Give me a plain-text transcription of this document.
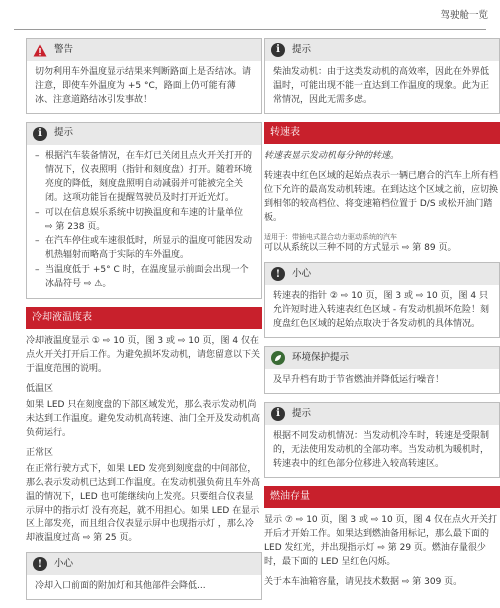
驾驶舱一览
警告

切勿利用车外温度显示结果来判断路面上是否结冰。请注意，即使车外温度为 +5 °C，路面上仍可能有薄冰、注意道路结冰引发事故！

i	提示
– 根据汽车装备情况，在车灯已关闭且点火开关打开的情况下，仪表照明（指针和刻度盘）打开。随着环境亮度的降低，刻度盘照明自动减弱并可能被完全关闭。这项功能旨在提醒驾驶员及时打开近光灯。
– 可以在信息娱乐系统中切换温度和车速的计量单位 ⇨ 第 238 页。
– 在汽车停住或车速很低时，所显示的温度可能因发动机热辐射而略高于实际的车外温度。
– 当温度低于 +5° C 时，在温度显示前面会出现一个冰晶符号 ⇨ ⚠。
冷却液温度表

冷却液温度显示 ① ⇨ 10 页，图 3 或 ⇨ 10 页，图 4 仅在点火开关打开后工作。为避免损坏发动机，请您留意以下关于温度范围的说明。

低温区

如果 LED 只在刻度盘的下部区域发光，那么表示发动机尚未达到工作温度。避免发动机高转速、油门全开及发动机高负荷运行。

正常区

在正常行驶方式下，如果 LED 发亮到刻度盘的中间部位，那么表示发动机已达到工作温度。在发动机强负荷且车外高温的情况下，LED 也可能继续向上发亮。只要组合仪表显示屏中的指示灯 没有亮起，就不用担心。如果 LED 在显示区上部发亮，而且组合仪表显示屏中也现指示灯 ，那么冷却液温度过高 ⇨ 第 25 页。

!	小心

冷却入口前面的附加灯和其他部件会降低...

i	提示

柴油发动机：由于这类发动机的高效率，因此在外界低温时，可能出现不能一直达到工作温度的现象。此为正常情况，因此无需多虑。

转速表

转速表显示发动机每分钟的转速。

转速表中红色区域的起始点表示一辆已磨合的汽车上所有档位下允许的最高发动机转速。在到达这个区域之前，应切换到相邻的较高档位、将变速箱档位置于 D/S 或松开油门踏板。

适用于：带插电式混合动力驱动系统的汽车

可以从系统以三种不同的方式显示 ⇨ 第 89 页。

!	小心

转速表的指针 ② ⇨ 10 页，图 3 或 ⇨ 10 页，图 4 只允许短时进入转速表红色区域 - 有发动机损坏危险！刻度盘红色区域的起始点取决于各发动机的具体情况。

环境保护提示

及早升档有助于节省燃油并降低运行噪音！

i	提示

根据不同发动机情况：当发动机冷车时，转速是受限制的，无法使用发动机的全部功率。当发动机为暖机时，转速表中的红色部分位移进入较高转速区。

燃油存量

显示 ⑦ ⇨ 10 页，图 3 或 ⇨ 10 页，图 4 仅在点火开关打开后才开始工作。如果达到燃油备用标记，那么最下面的 LED 发红光，并出现指示灯 ⇨ 第 29 页。燃油存量很少时，最下面的 LED 呈红色闪烁。

关于本车油箱容量，请见技术数据 ⇨ 第 309 页。
